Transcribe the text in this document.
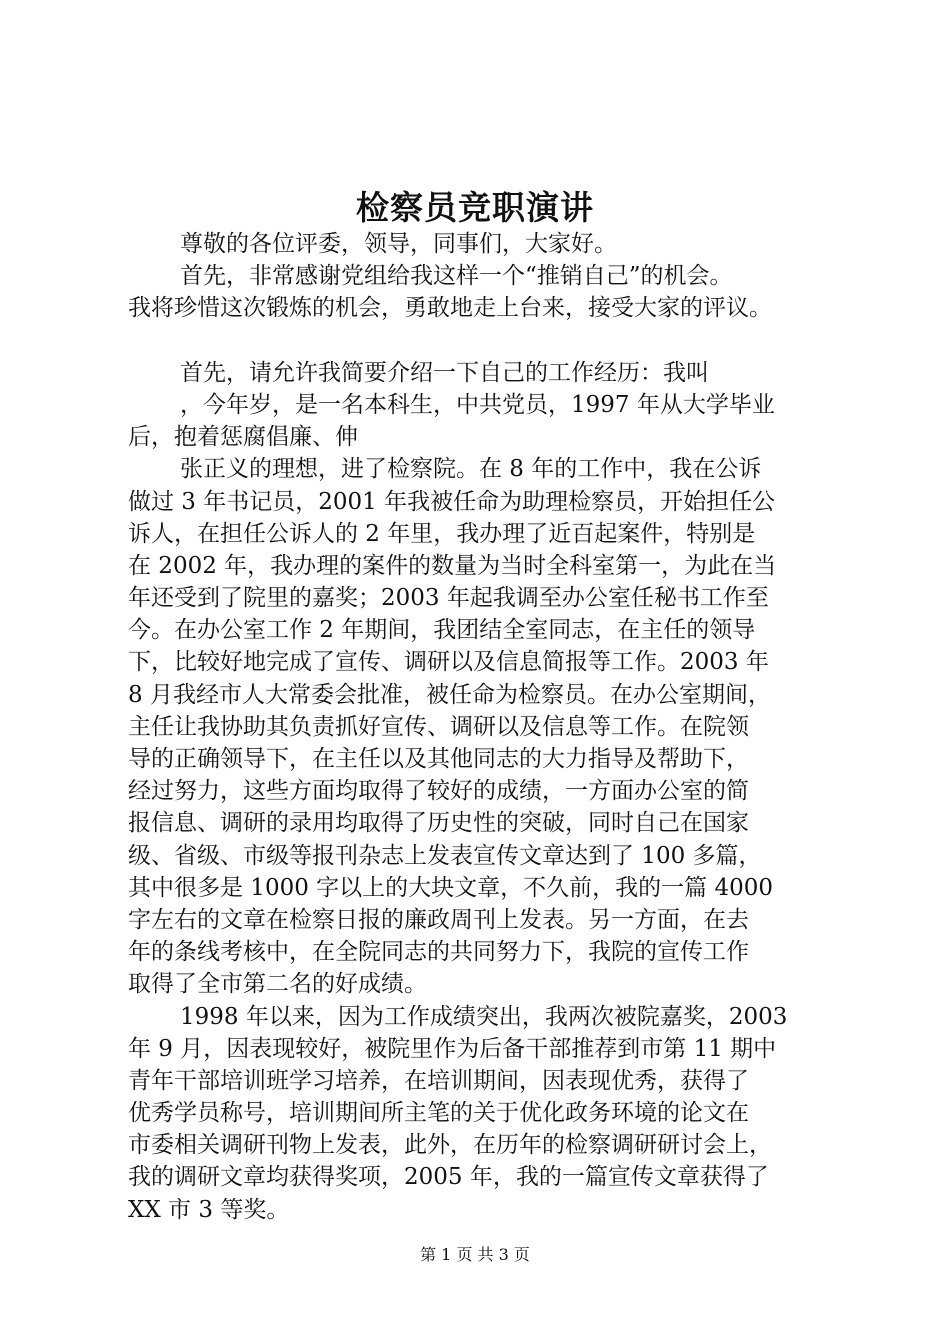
检察员竞职演讲
尊敬的各位评委，领导，同事们，大家好。
首先，非常感谢党组给我这样一个“推销自己”的机会。
我将珍惜这次锻炼的机会，勇敢地走上台来，接受大家的评议。
首先，请允许我简要介绍一下自己的工作经历：我叫
，今年岁，是一名本科生，中共党员，1997 年从大学毕业
后，抱着惩腐倡廉、伸
张正义的理想，进了检察院。在 8 年的工作中，我在公诉
做过 3 年书记员，2001 年我被任命为助理检察员，开始担任公
诉人，在担任公诉人的 2 年里，我办理了近百起案件，特别是
在 2002 年，我办理的案件的数量为当时全科室第一，为此在当
年还受到了院里的嘉奖；2003 年起我调至办公室任秘书工作至
今。在办公室工作 2 年期间，我团结全室同志，在主任的领导
下，比较好地完成了宣传、调研以及信息简报等工作。2003 年
8 月我经市人大常委会批准，被任命为检察员。在办公室期间，
主任让我协助其负责抓好宣传、调研以及信息等工作。在院领
导的正确领导下，在主任以及其他同志的大力指导及帮助下，
经过努力，这些方面均取得了较好的成绩，一方面办公室的简
报信息、调研的录用均取得了历史性的突破，同时自己在国家
级、省级、市级等报刊杂志上发表宣传文章达到了 100 多篇，
其中很多是 1000 字以上的大块文章，不久前，我的一篇 4000
字左右的文章在检察日报的廉政周刊上发表。另一方面，在去
年的条线考核中，在全院同志的共同努力下，我院的宣传工作
取得了全市第二名的好成绩。
1998 年以来，因为工作成绩突出，我两次被院嘉奖，2003
年 9 月，因表现较好，被院里作为后备干部推荐到市第 11 期中
青年干部培训班学习培养，在培训期间，因表现优秀，获得了
优秀学员称号，培训期间所主笔的关于优化政务环境的论文在
市委相关调研刊物上发表，此外，在历年的检察调研研讨会上，
我的调研文章均获得奖项，2005 年，我的一篇宣传文章获得了
XX 市 3 等奖。
第 1 页 共 3 页
